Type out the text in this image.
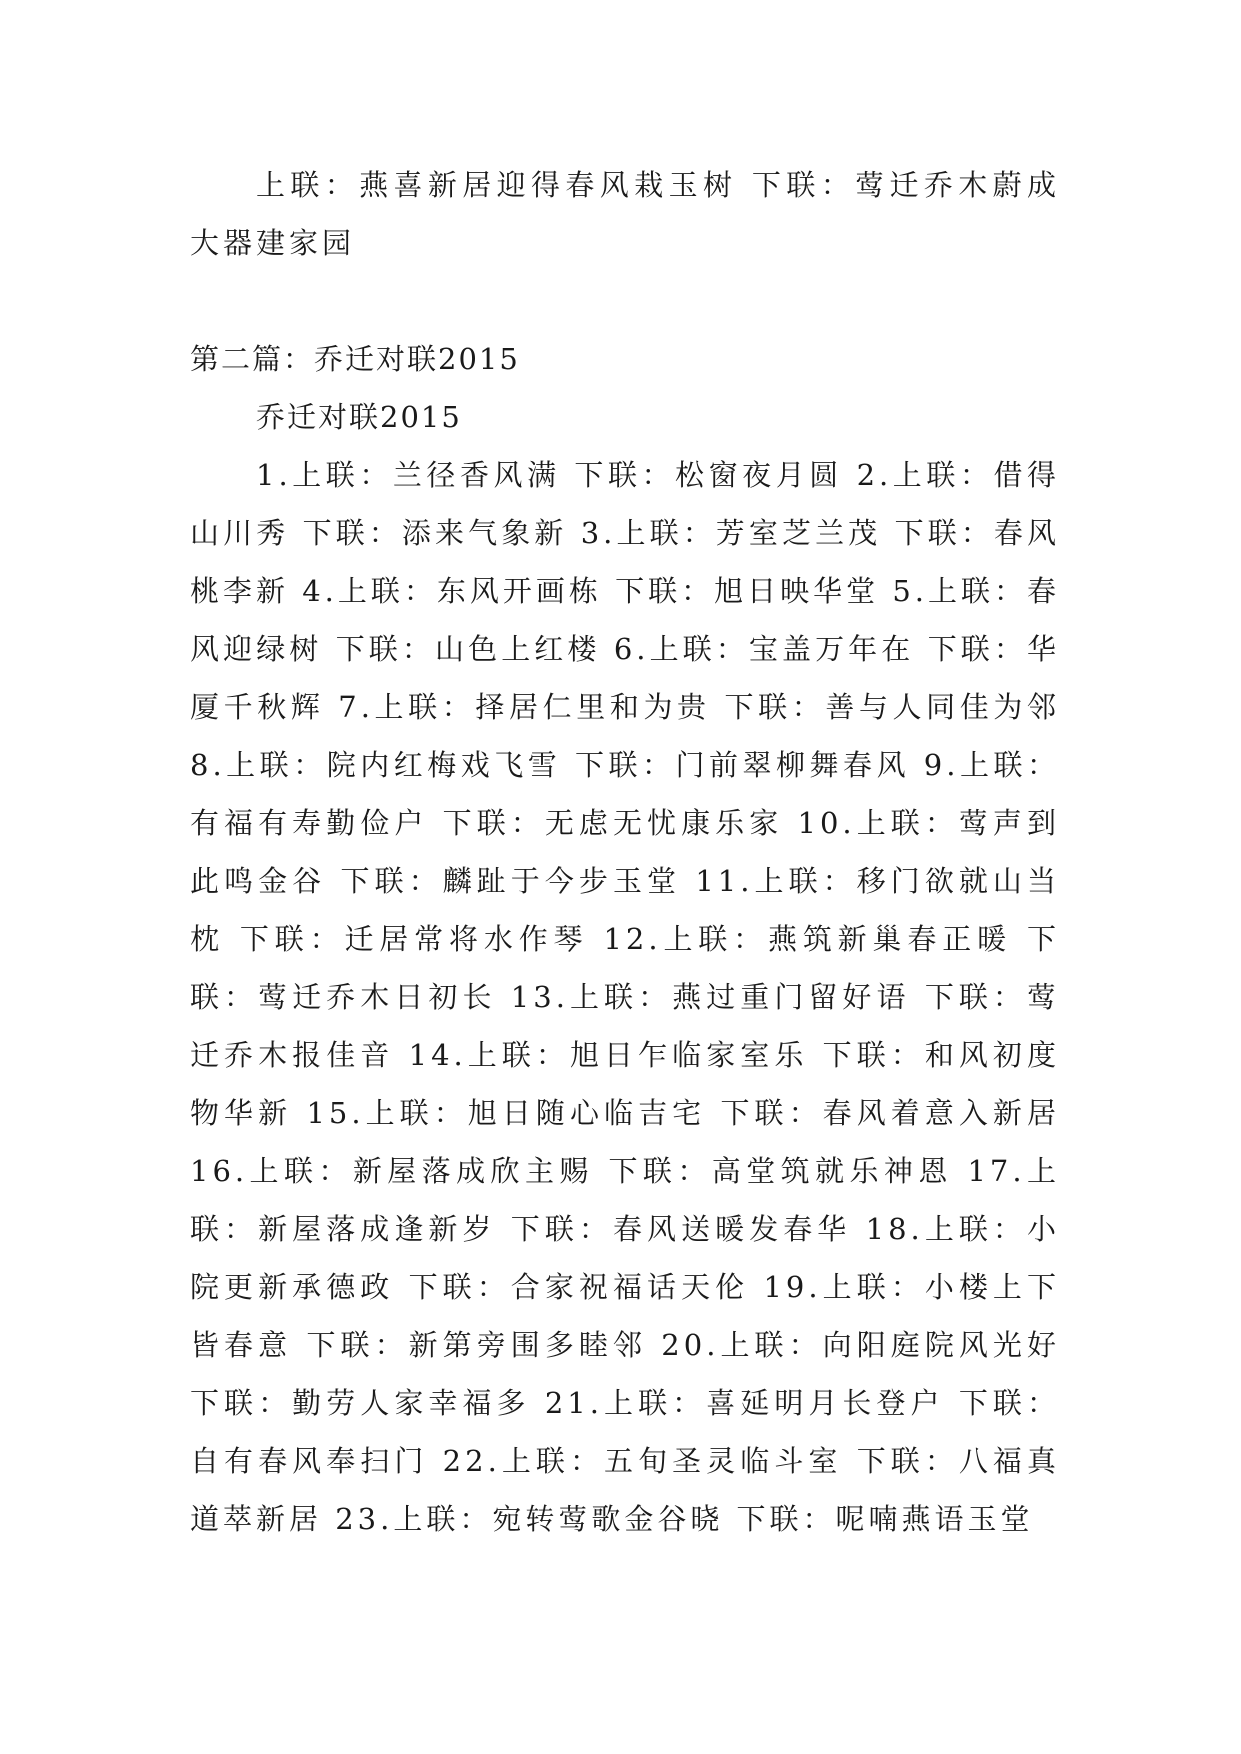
上联：燕喜新居迎得春风栽玉树 下联：莺迁乔木蔚成大器建家园

第二篇：乔迁对联2015

乔迁对联2015

1.上联：兰径香风满 下联：松窗夜月圆 2.上联：借得山川秀 下联：添来气象新 3.上联：芳室芝兰茂 下联：春风桃李新 4.上联：东风开画栋 下联：旭日映华堂 5.上联：春风迎绿树 下联：山色上红楼 6.上联：宝盖万年在 下联：华厦千秋辉 7.上联：择居仁里和为贵 下联：善与人同佳为邻 8.上联：院内红梅戏飞雪 下联：门前翠柳舞春风 9.上联：有福有寿勤俭户 下联：无虑无忧康乐家 10.上联：莺声到此鸣金谷 下联：麟趾于今步玉堂 11.上联：移门欲就山当枕 下联：迁居常将水作琴 12.上联：燕筑新巢春正暖 下联：莺迁乔木日初长 13.上联：燕过重门留好语 下联：莺迁乔木报佳音 14.上联：旭日乍临家室乐 下联：和风初度物华新 15.上联：旭日随心临吉宅 下联：春风着意入新居 16.上联：新屋落成欣主赐 下联：高堂筑就乐神恩 17.上联：新屋落成逢新岁 下联：春风送暖发春华 18.上联：小院更新承德政 下联：合家祝福话天伦 19.上联：小楼上下皆春意 下联：新第旁围多睦邻 20.上联：向阳庭院风光好 下联：勤劳人家幸福多 21.上联：喜延明月长登户 下联：自有春风奉扫门 22.上联：五旬圣灵临斗室 下联：八福真道萃新居 23.上联：宛转莺歌金谷晓 下联：呢喃燕语玉堂
